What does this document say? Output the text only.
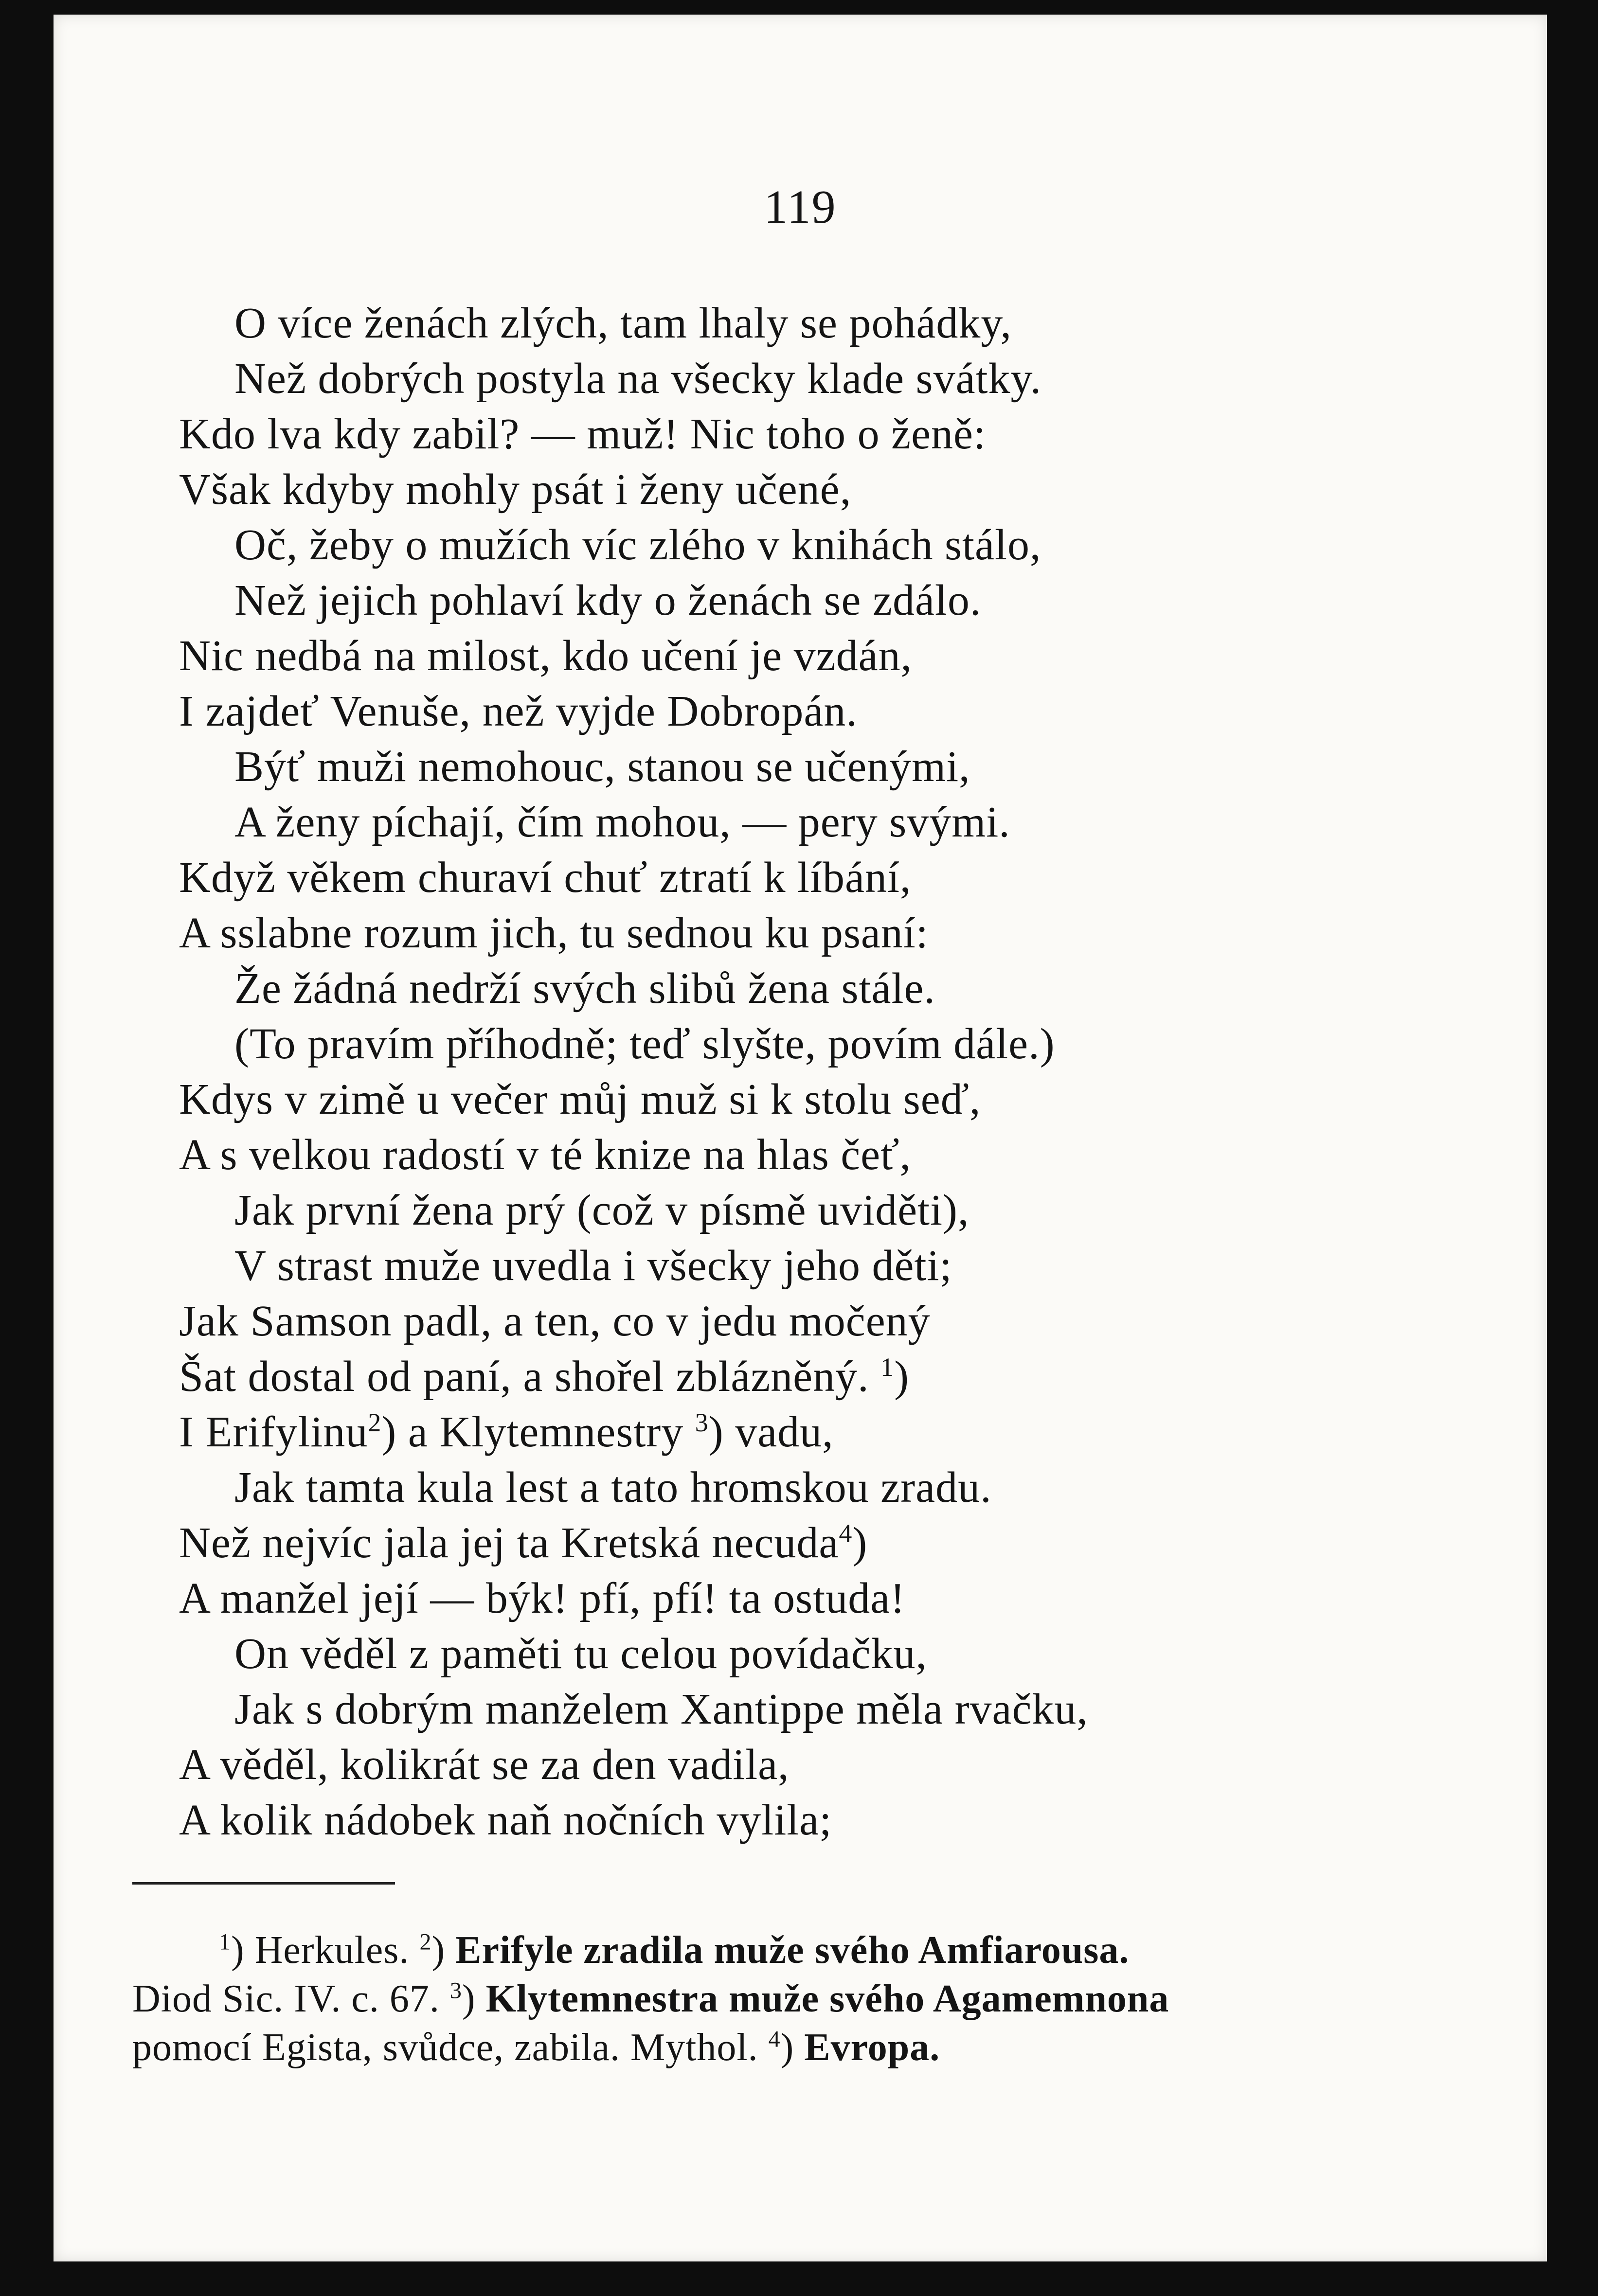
119
O více ženách zlých, tam lhaly se pohádky,
Než dobrých postyla na všecky klade svátky.
Kdo lva kdy zabil? — muž! Nic toho o ženě:
Však kdyby mohly psát i ženy učené,
Oč, žeby o mužích víc zlého v knihách stálo,
Než jejich pohlaví kdy o ženách se zdálo.
Nic nedbá na milost, kdo učení je vzdán,
I zajdeť Venuše, než vyjde Dobropán.
Býť muži nemohouc, stanou se učenými,
A ženy píchají, čím mohou, — pery svými.
Když věkem churaví chuť ztratí k líbání,
A sslabne rozum jich, tu sednou ku psaní:
Že žádná nedrží svých slibů žena stále.
(To pravím příhodně; teď slyšte, povím dále.)
Kdys v zimě u večer můj muž si k stolu seď,
A s velkou radostí v té knize na hlas čeť,
Jak první žena prý (což v písmě uviděti),
V strast muže uvedla i všecky jeho děti;
Jak Samson padl, a ten, co v jedu močený
Šat dostal od paní, a shořel zblázněný. $^1$)
I Erifylinu$^2$) a Klytemnestry $^3$) vadu,
Jak tamta kula lest a tato hromskou zradu.
Než nejvíc jala jej ta Kretská necuda$^4$)
A manžel její — býk! pfí, pfí! ta ostuda!
On věděl z paměti tu celou povídačku,
Jak s dobrým manželem Xantippe měla rvačku,
A věděl, kolikrát se za den vadila,
A kolik nádobek naň nočních vylila;
$^1$) Herkules. $^2$) Erifyle zradila muže svého Amfiarousa.
Diod Sic. IV. c. 67. $^3$) Klytemnestra muže svého Agamemnona
pomocí Egista, svůdce, zabila. Mythol. $^4$) Evropa.
